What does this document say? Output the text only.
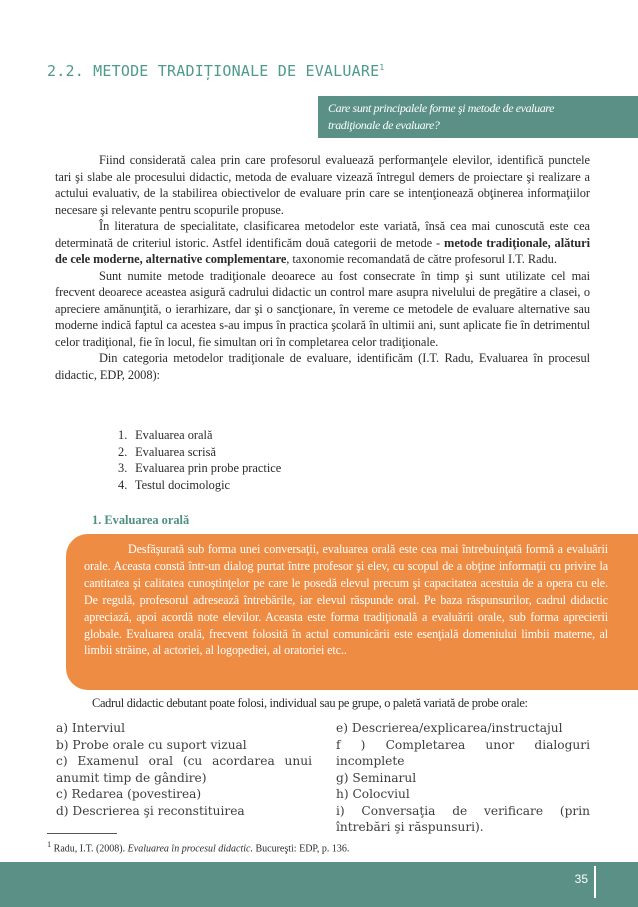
2.2. METODE TRADIȚIONALE DE EVALUARE$^1$
Care sunt principalele forme şi metode de evaluare
tradiţionale de evaluare?

Fiind considerată calea prin care profesorul evaluează performanţele elevilor, identifică punctele tari şi slabe ale procesului didactic, metoda de evaluare vizează întregul demers de proiectare şi realizare a actului evaluativ, de la stabilirea obiectivelor de evaluare prin care se intenţionează obţinerea informaţiilor necesare şi relevante pentru scopurile propuse.

În literatura de specialitate, clasificarea metodelor este variată, însă cea mai cunoscută este cea determinată de criteriul istoric. Astfel identificăm două categorii de metode - metode tradiţionale, alături de cele moderne, alternative complementare, taxonomie recomandată de către profesorul I.T. Radu.

Sunt numite metode tradiţionale deoarece au fost consecrate în timp şi sunt utilizate cel mai frecvent deoarece aceastea asigură cadrului didactic un control mare asupra nivelului de pregătire a clasei, o apreciere amănunţită, o ierarhizare, dar şi o sancţionare, în vereme ce metodele de evaluare alternative sau moderne indică faptul ca acestea s-au impus în practica şcolară în ultimii ani, sunt aplicate fie în detrimentul celor tradiţional, fie în locul, fie simultan ori în completarea celor tradiţionale.

Din categoria metodelor tradiţionale de evaluare, identificăm (I.T. Radu, Evaluarea în procesul didactic, EDP, 2008):

1. Evaluarea orală
2. Evaluarea scrisă
3. Evaluarea prin probe practice
4. Testul docimologic
1. Evaluarea orală

Desfăşurată sub forma unei conversaţii, evaluarea orală este cea mai întrebuinţată formă a evaluării orale. Aceasta constă într-un dialog purtat între profesor şi elev, cu scopul de a obţine informaţii cu privire la cantitatea şi calitatea cunoştinţelor pe care le posedă elevul precum şi capacitatea acestuia de a opera cu ele. De regulă, profesorul adresează întrebările, iar elevul răspunde oral. Pe baza răspunsurilor, cadrul didactic apreciază, apoi acordă note elevilor. Aceasta este forma tradiţională a evaluării orale, sub forma aprecierii globale. Evaluarea orală, frecvent folosită în actul comunicării este esenţială domeniului limbii materne, al limbii străine, al actoriei, al logopediei, al oratoriei etc..

Cadrul didactic debutant poate folosi, individual sau pe grupe, o paletă variată de probe orale:

a) Interviul
b) Probe orale cu suport vizual
c) Examenul oral (cu acordarea unui anumit timp de gândire)
c) Redarea (povestirea)
d) Descrierea şi reconstituirea
e) Descrierea/explicarea/instructajul
f ) Completarea unor dialoguri incomplete
g) Seminarul
h) Colocviul
i) Conversaţia de verificare (prin întrebări şi răspunsuri).

$^1$ Radu, I.T. (2008). Evaluarea în procesul didactic. Bucureşti: EDP, p. 136.

35
